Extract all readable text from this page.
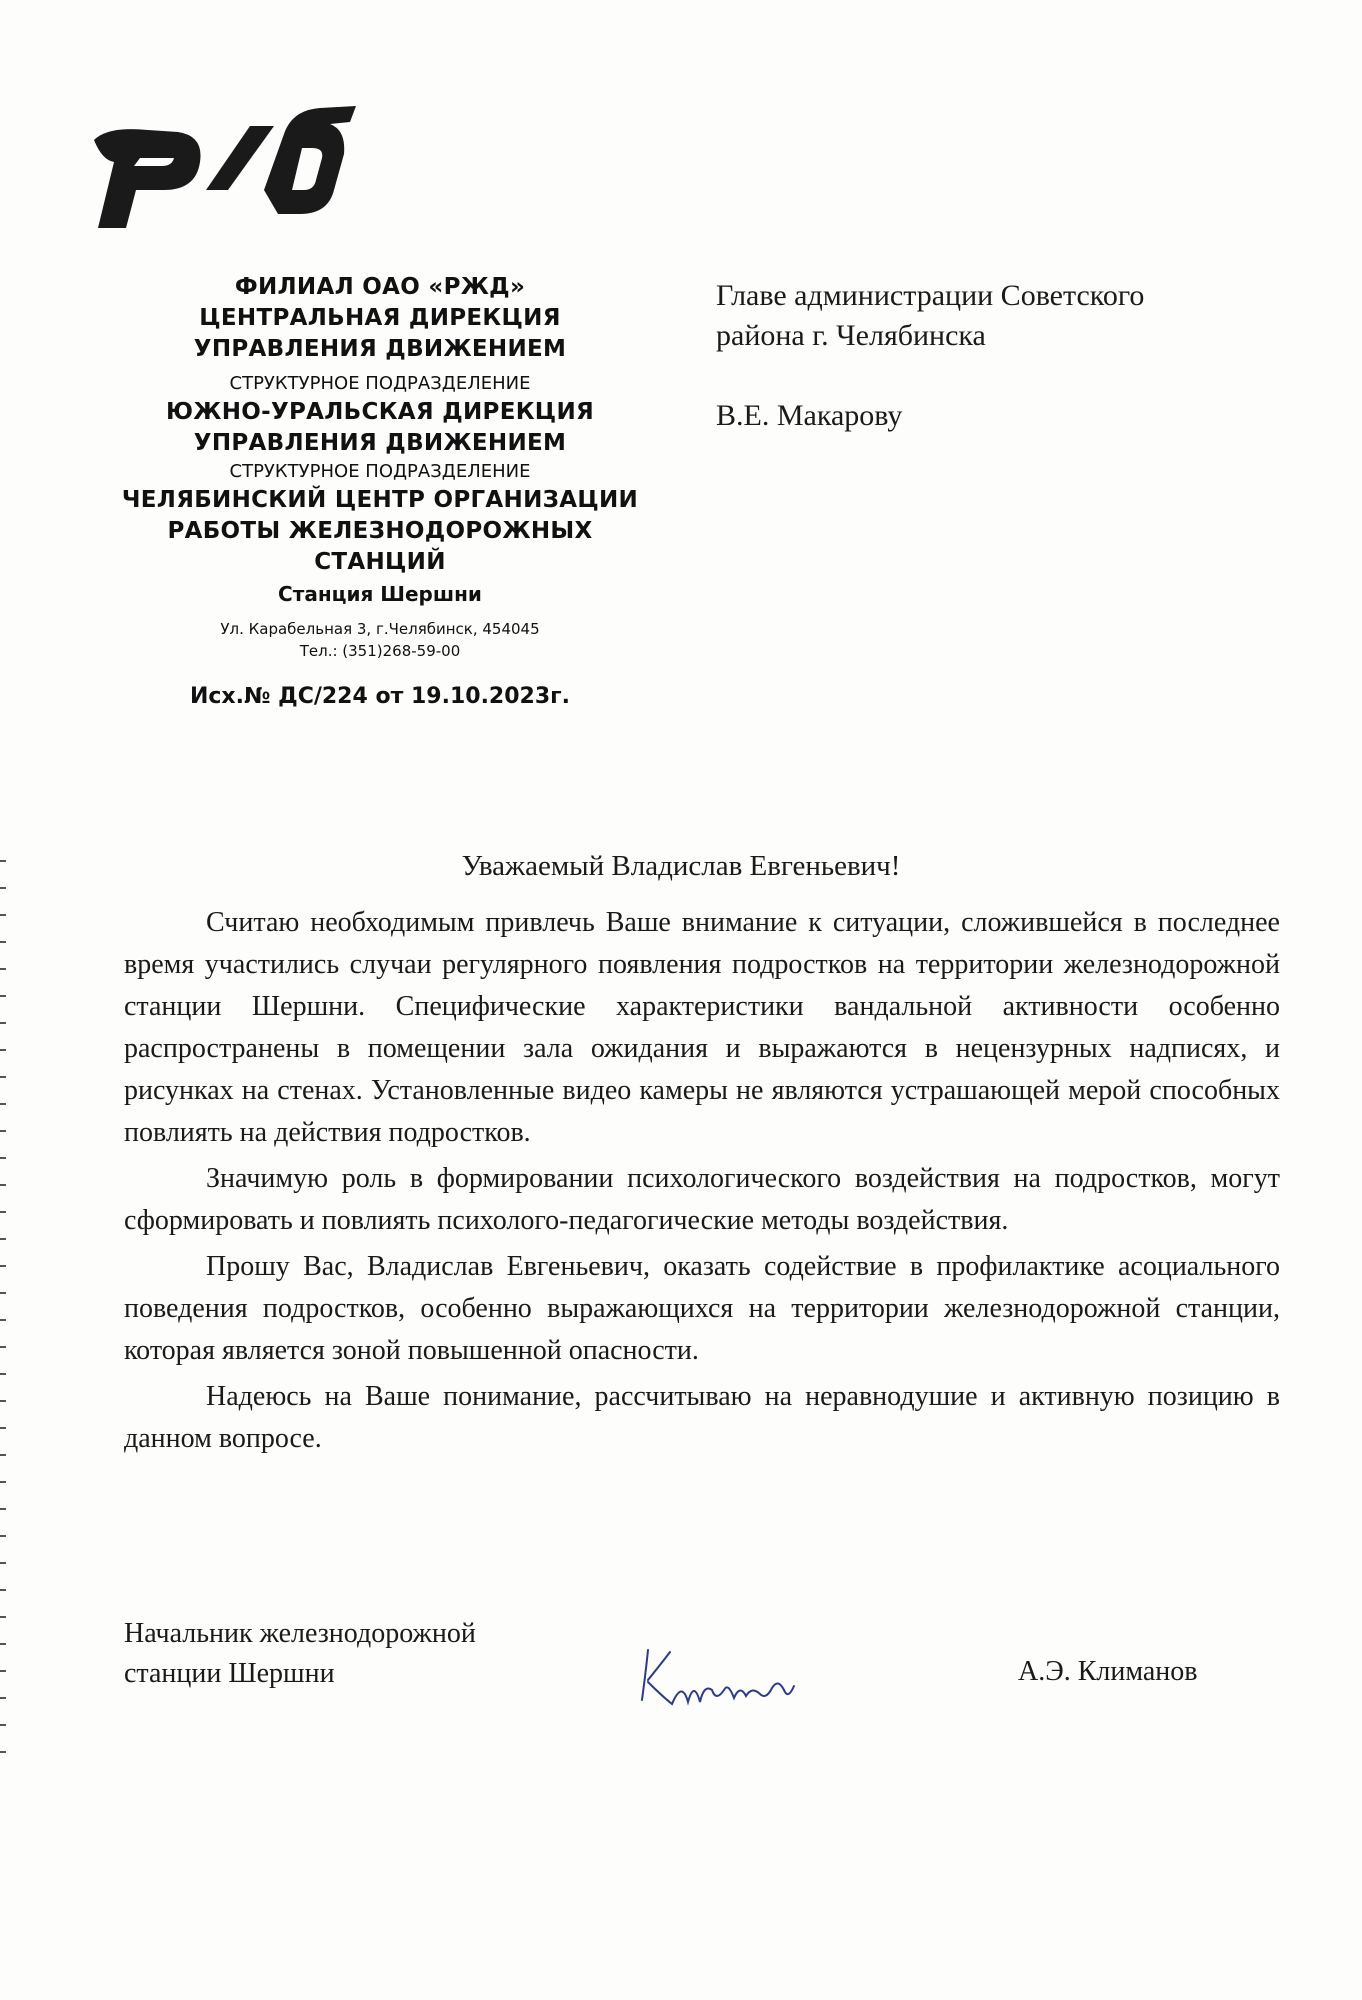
ФИЛИАЛ ОАО «РЖД»
ЦЕНТРАЛЬНАЯ ДИРЕКЦИЯ
УПРАВЛЕНИЯ ДВИЖЕНИЕМ
СТРУКТУРНОЕ ПОДРАЗДЕЛЕНИЕ
ЮЖНО-УРАЛЬСКАЯ ДИРЕКЦИЯ
УПРАВЛЕНИЯ ДВИЖЕНИЕМ
СТРУКТУРНОЕ ПОДРАЗДЕЛЕНИЕ
ЧЕЛЯБИНСКИЙ ЦЕНТР ОРГАНИЗАЦИИ
РАБОТЫ ЖЕЛЕЗНОДОРОЖНЫХ СТАНЦИЙ
Станция Шершни
Ул. Карабельная 3, г.Челябинск, 454045
Тел.: (351)268-59-00
Исх.№ ДС/224 от 19.10.2023г.
Главе администрации Советского
района г. Челябинска
В.Е. Макарову
Уважаемый Владислав Евгеньевич!

Считаю необходимым привлечь Ваше внимание к ситуации, сложившейся в последнее время участились случаи регулярного появления подростков на территории железнодорожной станции Шершни. Специфические характеристики вандальной активности особенно распространены в помещении зала ожидания и выражаются в нецензурных надписях, и рисунках на стенах. Установленные видео камеры не являются устрашающей мерой способных повлиять на действия подростков.

Значимую роль в формировании психологического воздействия на подростков, могут сформировать и повлиять психолого-педагогические методы воздействия.

Прошу Вас, Владислав Евгеньевич, оказать содействие в профилактике асоциального поведения подростков, особенно выражающихся на территории железнодорожной станции, которая является зоной повышенной опасности.

Надеюсь на Ваше понимание, рассчитываю на неравнодушие и активную позицию в данном вопросе.

Начальник железнодорожной
станции Шершни	А.Э. Климанов
